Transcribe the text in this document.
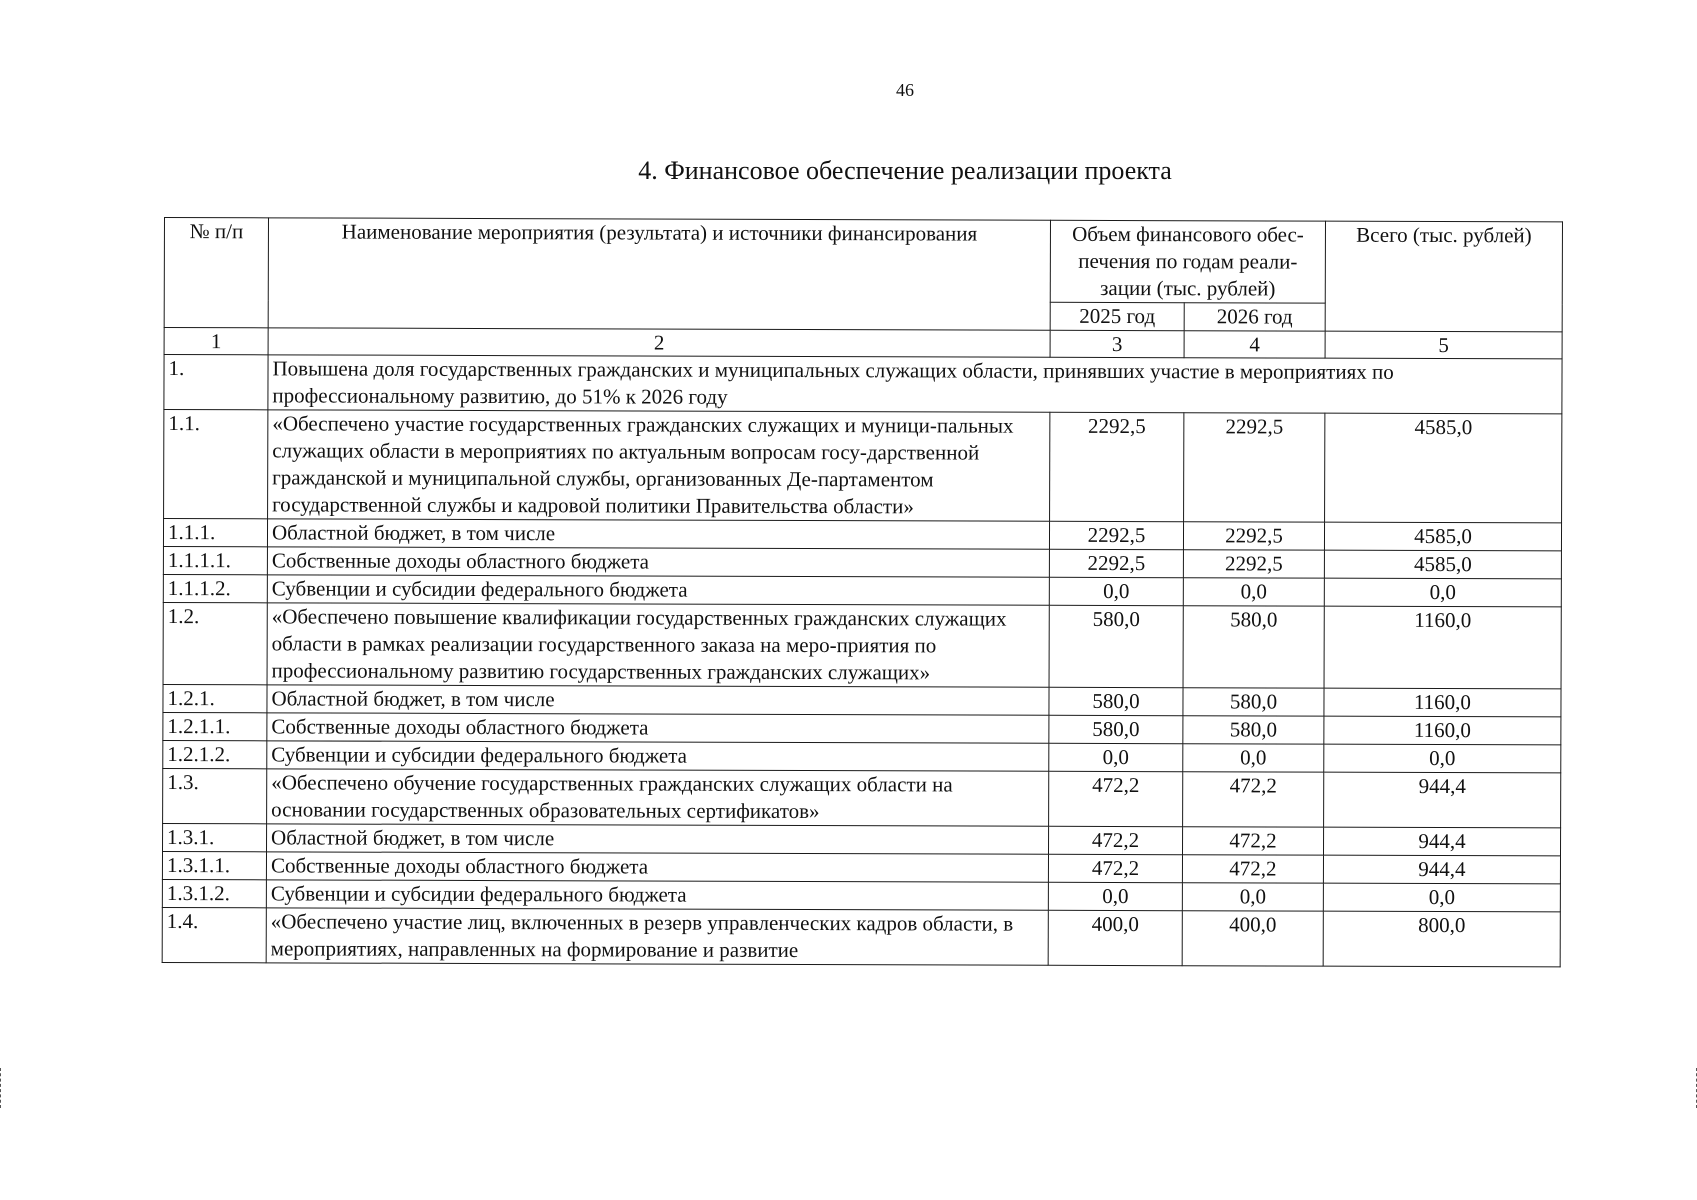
46
4. Финансовое обеспечение реализации проекта
№ п/п	Наименование мероприятия (результата) и источники финансирования	Объем финансового обес-печения по годам реали-зации (тыс. рублей)		Всего (тыс. рублей)
		2025 год	2026 год	
1	2	3	4	5
1.	Повышена доля государственных гражданских и муниципальных служащих области, принявших участие в мероприятиях по профессиональному развитию, до 51% к 2026 году			
1.1.	«Обеспечено участие государственных гражданских служащих и муници-пальных служащих области в мероприятиях по актуальным вопросам госу-дарственной гражданской и муниципальной службы, организованных Де-партаментом государственной службы и кадровой политики Правительства области»	2292,5	2292,5	4585,0
1.1.1.	Областной бюджет, в том числе	2292,5	2292,5	4585,0
1.1.1.1.	Собственные доходы областного бюджета	2292,5	2292,5	4585,0
1.1.1.2.	Субвенции и субсидии федерального бюджета	0,0	0,0	0,0
1.2.	«Обеспечено повышение квалификации государственных гражданских служащих области в рамках реализации государственного заказа на меро-приятия по профессиональному развитию государственных гражданских служащих»	580,0	580,0	1160,0
1.2.1.	Областной бюджет, в том числе	580,0	580,0	1160,0
1.2.1.1.	Собственные доходы областного бюджета	580,0	580,0	1160,0
1.2.1.2.	Субвенции и субсидии федерального бюджета	0,0	0,0	0,0
1.3.	«Обеспечено обучение государственных гражданских служащих области на основании государственных образовательных сертификатов»	472,2	472,2	944,4
1.3.1.	Областной бюджет, в том числе	472,2	472,2	944,4
1.3.1.1.	Собственные доходы областного бюджета	472,2	472,2	944,4
1.3.1.2.	Субвенции и субсидии федерального бюджета	0,0	0,0	0,0
1.4.	«Обеспечено участие лиц, включенных в резерв управленческих кадров области, в мероприятиях, направленных на формирование и развитие	400,0	400,0	800,0
